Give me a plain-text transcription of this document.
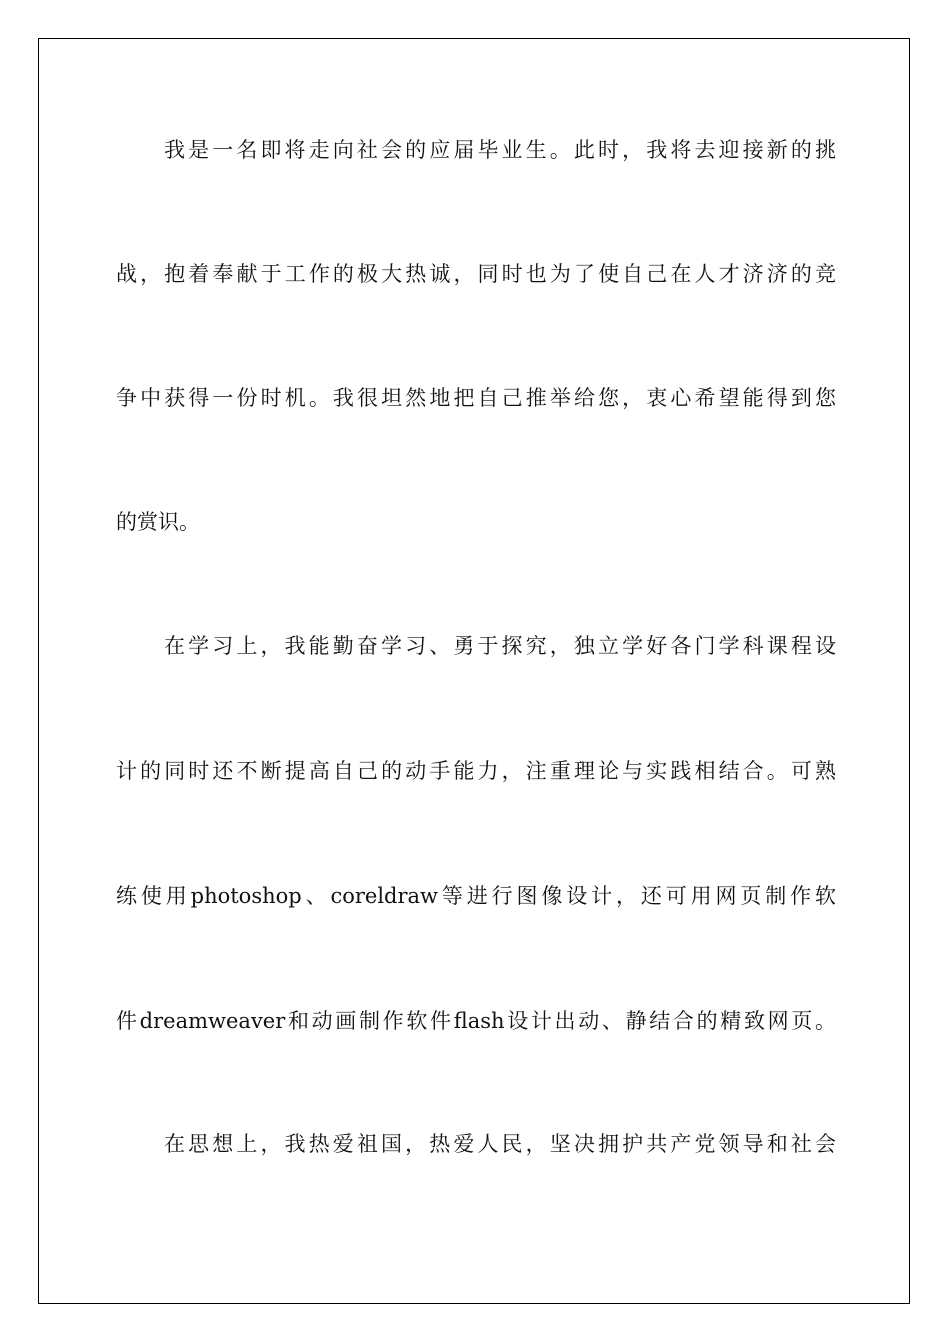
我是一名即将走向社会的应届毕业生。此时，我将去迎接新的挑
战，抱着奉献于工作的极大热诚，同时也为了使自己在人才济济的竞
争中获得一份时机。我很坦然地把自己推举给您，衷心希望能得到您
的赏识。
在学习上，我能勤奋学习、勇于探究，独立学好各门学科课程设
计的同时还不断提高自己的动手能力，注重理论与实践相结合。可熟
练使用photoshop、coreldraw等进行图像设计，还可用网页制作软
件dreamweaver和动画制作软件flash设计出动、静结合的精致网页。
在思想上，我热爱祖国，热爱人民，坚决拥护共产党领导和社会
